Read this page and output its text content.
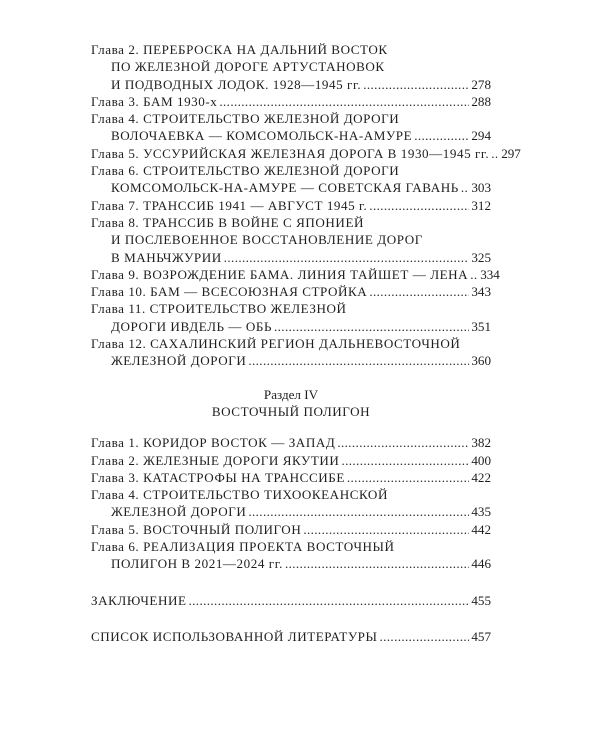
Глава 2. ПЕРЕБРОСКА НА ДАЛЬНИЙ ВОСТОК
ПО ЖЕЛЕЗНОЙ ДОРОГЕ АРТУСТАНОВОК
И ПОДВОДНЫХ ЛОДОК. 1928—1945 гг. . . .	278
Глава 3. БАМ 1930-х . . .	288
Глава 4. СТРОИТЕЛЬСТВО ЖЕЛЕЗНОЙ ДОРОГИ
ВОЛОЧАЕВКА — КОМСОМОЛЬСК-НА-АМУРЕ . . .	294
Глава 5. УССУРИЙСКАЯ ЖЕЛЕЗНАЯ ДОРОГА В 1930—1945 гг. . . . 297
Глава 6. СТРОИТЕЛЬСТВО ЖЕЛЕЗНОЙ ДОРОГИ
КОМСОМОЛЬСК-НА-АМУРЕ — СОВЕТСКАЯ ГАВАНЬ . . . 303
Глава 7. ТРАНССИБ 1941 — АВГУСТ 1945 г. . . .	312
Глава 8. ТРАНССИБ В ВОЙНЕ С ЯПОНИЕЙ
И ПОСЛЕВОЕННОЕ ВОССТАНОВЛЕНИЕ ДОРОГ
В МАНЬЧЖУРИИ . . .	325
Глава 9. ВОЗРОЖДЕНИЕ БАМА. ЛИНИЯ ТАЙШЕТ — ЛЕНА . . . 334
Глава 10. БАМ — ВСЕСОЮЗНАЯ СТРОЙКА . . .	343
Глава 11. СТРОИТЕЛЬСТВО ЖЕЛЕЗНОЙ
ДОРОГИ ИВДЕЛЬ — ОБЬ . . .	351
Глава 12. САХАЛИНСКИЙ РЕГИОН ДАЛЬНЕВОСТОЧНОЙ
ЖЕЛЕЗНОЙ ДОРОГИ . . .	360
Раздел IV
ВОСТОЧНЫЙ ПОЛИГОН
Глава 1. КОРИДОР ВОСТОК — ЗАПАД . . .	382
Глава 2. ЖЕЛЕЗНЫЕ ДОРОГИ ЯКУТИИ . . .	400
Глава 3. КАТАСТРОФЫ НА ТРАНССИБЕ . . .	422
Глава 4. СТРОИТЕЛЬСТВО ТИХООКЕАНСКОЙ
ЖЕЛЕЗНОЙ ДОРОГИ . . .	435
Глава 5. ВОСТОЧНЫЙ ПОЛИГОН . . .	442
Глава 6. РЕАЛИЗАЦИЯ ПРОЕКТА ВОСТОЧНЫЙ
ПОЛИГОН В 2021—2024 гг. . . .	446
ЗАКЛЮЧЕНИЕ . . .	455
СПИСОК ИСПОЛЬЗОВАННОЙ ЛИТЕРАТУРЫ . . .	457
